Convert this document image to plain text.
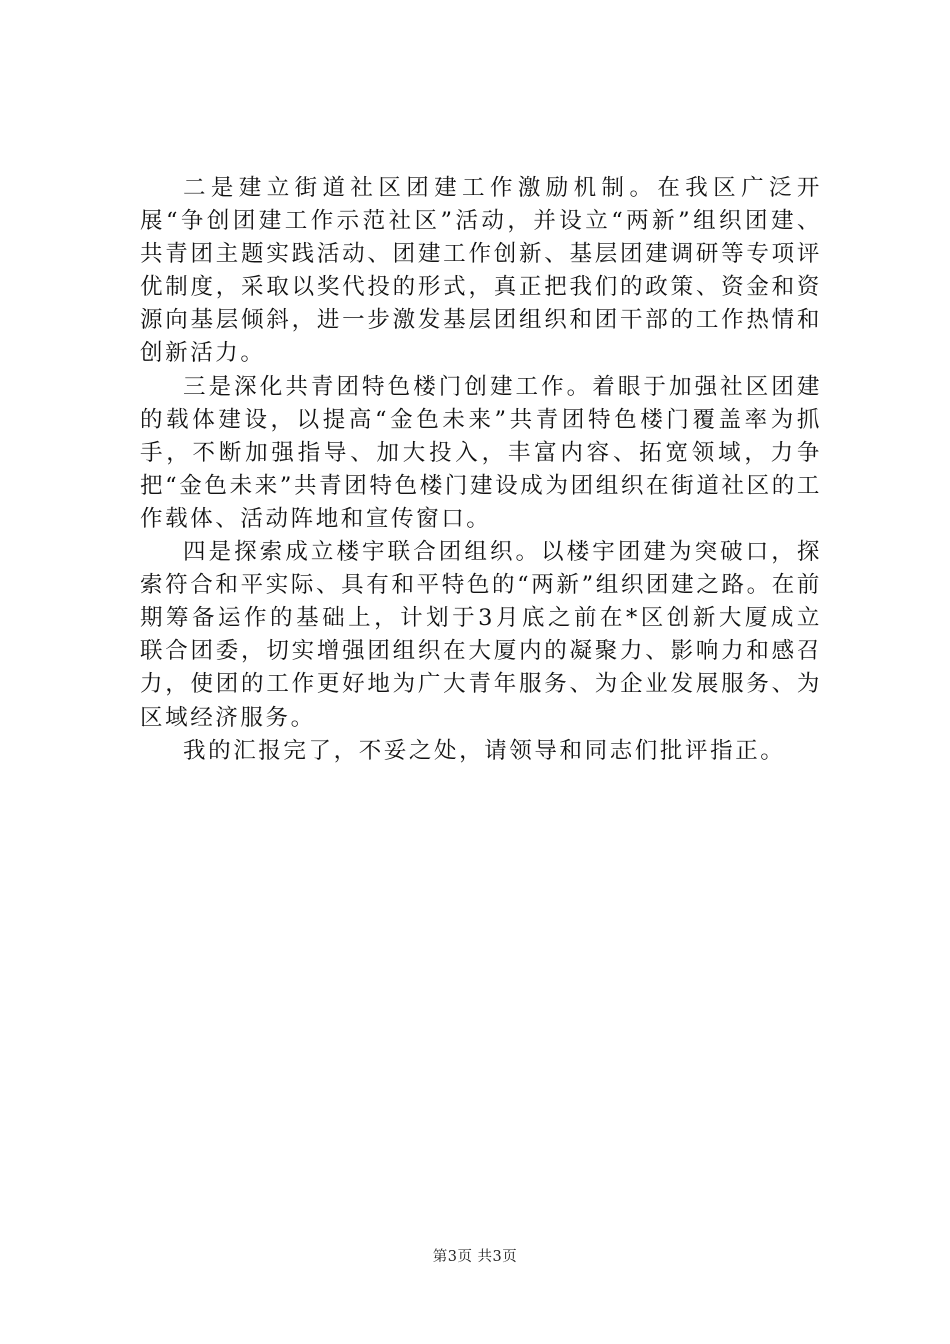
二是建立街道社区团建工作激励机制。在我区广泛开展“争创团建工作示范社区”活动，并设立“两新”组织团建、共青团主题实践活动、团建工作创新、基层团建调研等专项评优制度，采取以奖代投的形式，真正把我们的政策、资金和资源向基层倾斜，进一步激发基层团组织和团干部的工作热情和创新活力。

三是深化共青团特色楼门创建工作。着眼于加强社区团建的载体建设，以提高“金色未来”共青团特色楼门覆盖率为抓手，不断加强指导、加大投入，丰富内容、拓宽领域，力争把“金色未来”共青团特色楼门建设成为团组织在街道社区的工作载体、活动阵地和宣传窗口。

四是探索成立楼宇联合团组织。以楼宇团建为突破口，探索符合和平实际、具有和平特色的“两新”组织团建之路。在前期筹备运作的基础上，计划于3月底之前在*区创新大厦成立联合团委，切实增强团组织在大厦内的凝聚力、影响力和感召力，使团的工作更好地为广大青年服务、为企业发展服务、为区域经济服务。

我的汇报完了，不妥之处，请领导和同志们批评指正。

第3页 共3页
